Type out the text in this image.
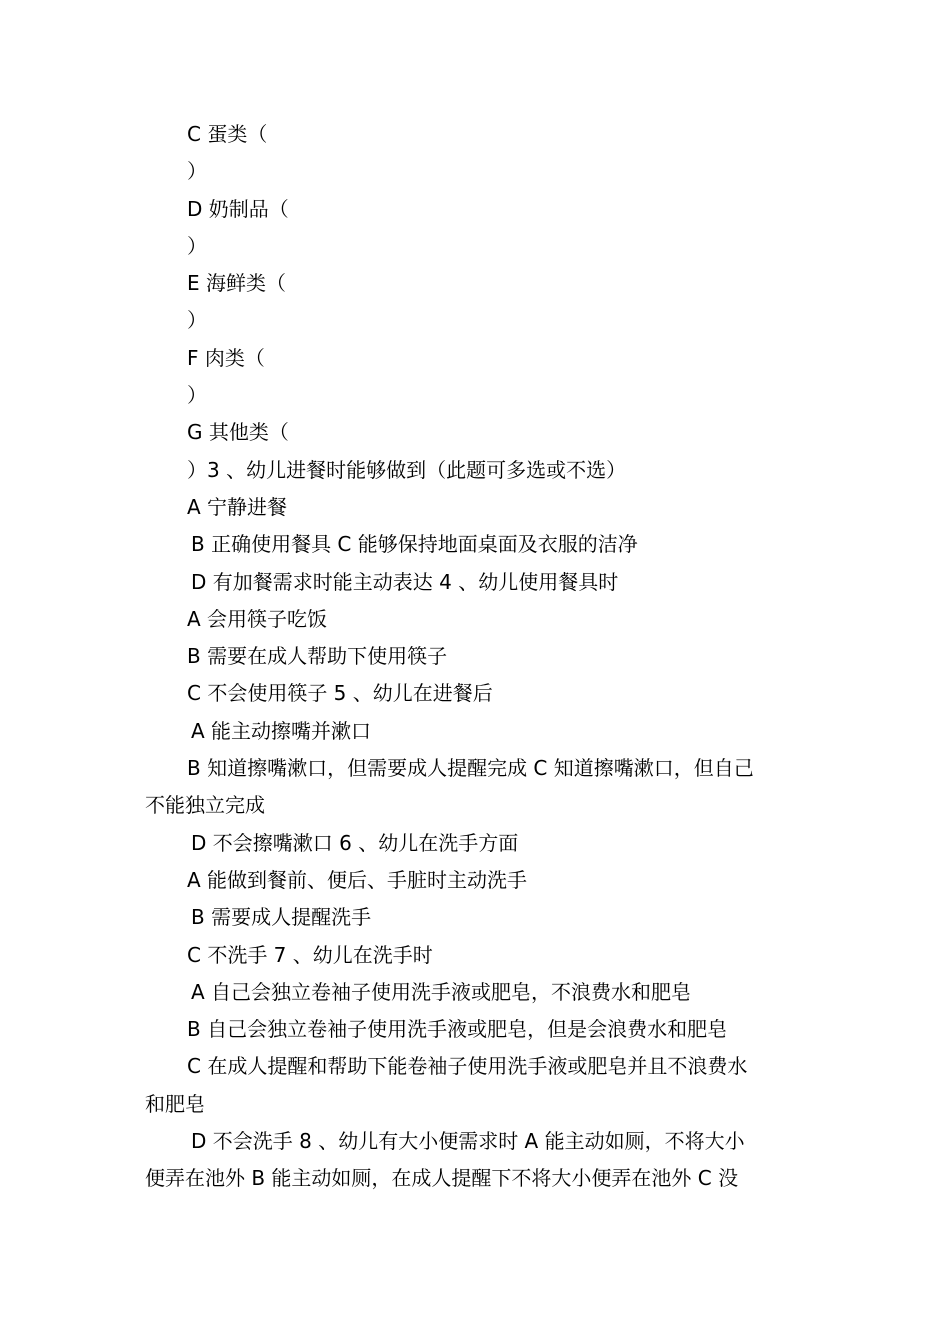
C 蛋类（
）
D 奶制品（
）
E 海鲜类（
）
F 肉类（
）
G 其他类（
）3 、幼儿进餐时能够做到（此题可多选或不选）
A 宁静进餐
B 正确使用餐具 C 能够保持地面桌面及衣服的洁净
D 有加餐需求时能主动表达 4 、幼儿使用餐具时
A 会用筷子吃饭
B 需要在成人帮助下使用筷子
C 不会使用筷子 5 、幼儿在进餐后
A 能主动擦嘴并漱口
B 知道擦嘴漱口，但需要成人提醒完成 C 知道擦嘴漱口，但自己
不能独立完成
D 不会擦嘴漱口 6 、幼儿在洗手方面
A 能做到餐前、便后、手脏时主动洗手
B 需要成人提醒洗手
C 不洗手 7 、幼儿在洗手时
A 自己会独立卷袖子使用洗手液或肥皂，不浪费水和肥皂
B 自己会独立卷袖子使用洗手液或肥皂，但是会浪费水和肥皂
C 在成人提醒和帮助下能卷袖子使用洗手液或肥皂并且不浪费水
和肥皂
D 不会洗手 8 、幼儿有大小便需求时 A 能主动如厕，不将大小
便弄在池外 B 能主动如厕，在成人提醒下不将大小便弄在池外 C 没
